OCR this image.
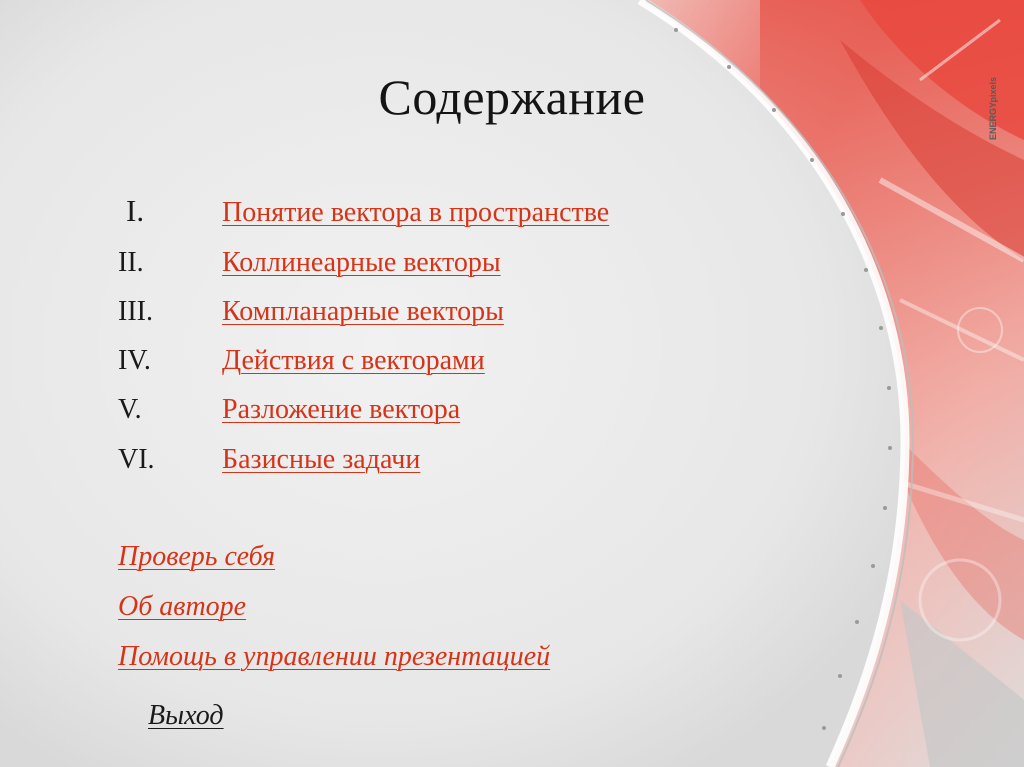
ENERGYpixels
Содержание
I.	Понятие вектора в пространстве
II.	Коллинеарные векторы
III.	Компланарные векторы
IV.	Действия с векторами
V.	Разложение вектора
VI.	Базисные задачи
Проверь себя
Об авторе
Помощь в управлении презентацией
Выход
